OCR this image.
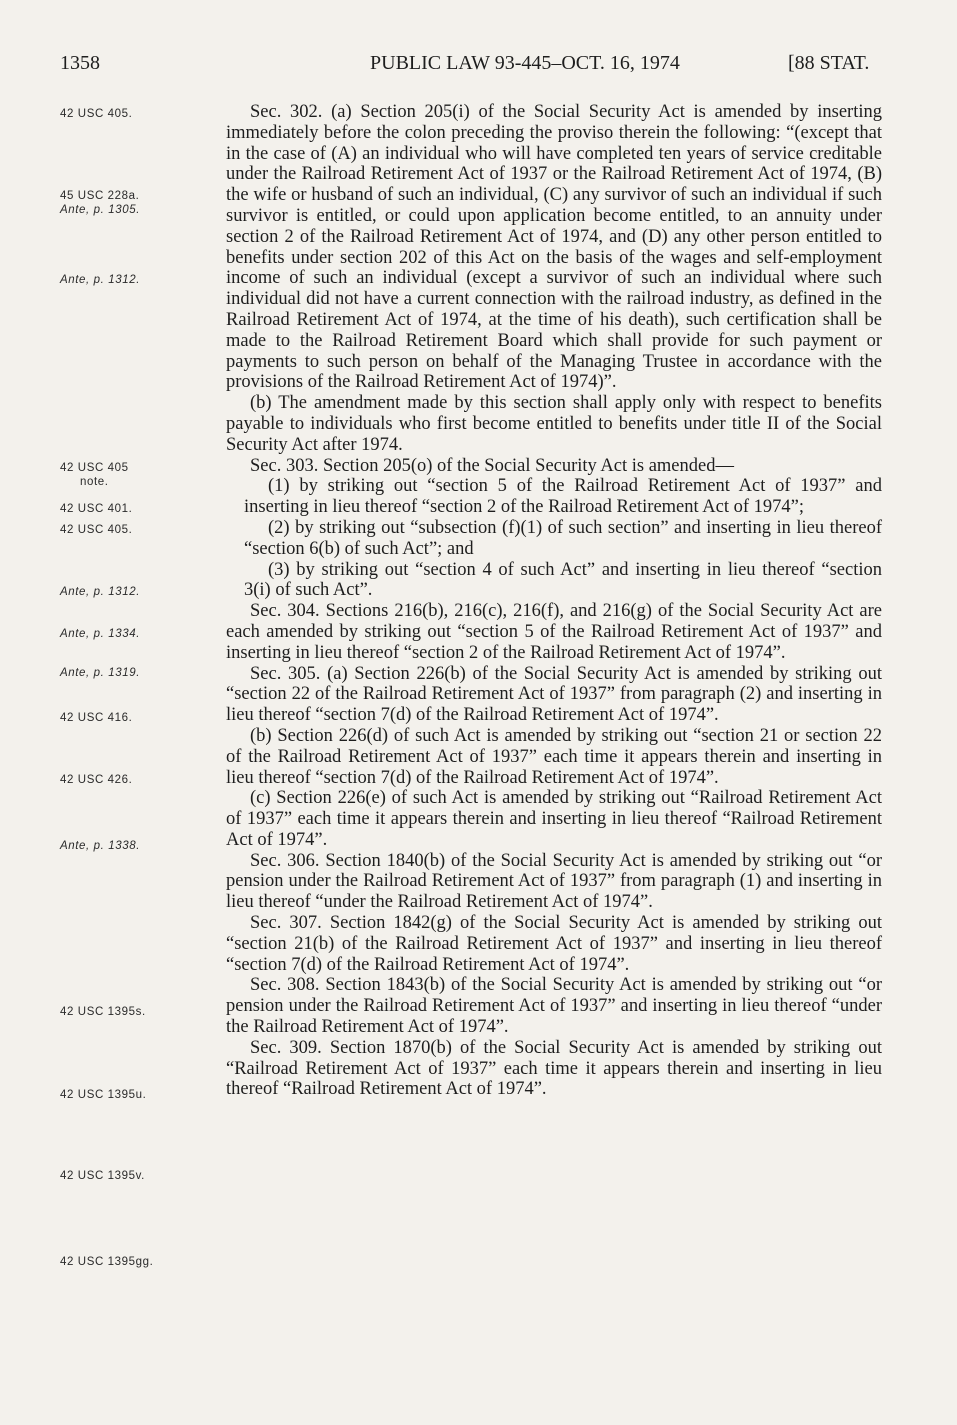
1358	PUBLIC LAW 93-445–OCT. 16, 1974	[88 STAT.
42 USC 405.
45 USC 228a.
Ante, p. 1305.
Ante, p. 1312.
42 USC 405
note.
42 USC 401.
42 USC 405.
Ante, p. 1312.
Ante, p. 1334.
Ante, p. 1319.
42 USC 416.
42 USC 426.
Ante, p. 1338.
42 USC 1395s.
42 USC 1395u.
42 USC 1395v.
42 USC 1395gg.

Sec. 302. (a) Section 205(i) of the Social Security Act is amended by inserting immediately before the colon preceding the proviso therein the following: “(except that in the case of (A) an individual who will have completed ten years of service creditable under the Railroad Retirement Act of 1937 or the Railroad Retirement Act of 1974, (B) the wife or husband of such an individual, (C) any survivor of such an individual if such survivor is entitled, or could upon application become entitled, to an annuity under section 2 of the Railroad Retirement Act of 1974, and (D) any other person entitled to benefits under section 202 of this Act on the basis of the wages and self-employment income of such an individual (except a survivor of such an individual where such individual did not have a current connection with the railroad industry, as defined in the Railroad Retirement Act of 1974, at the time of his death), such certification shall be made to the Railroad Retirement Board which shall provide for such payment or payments to such person on behalf of the Managing Trustee in accordance with the provisions of the Railroad Retirement Act of 1974)”.

(b) The amendment made by this section shall apply only with respect to benefits payable to individuals who first become entitled to benefits under title II of the Social Security Act after 1974.

Sec. 303. Section 205(o) of the Social Security Act is amended—

(1) by striking out “section 5 of the Railroad Retirement Act of 1937” and inserting in lieu thereof “section 2 of the Railroad Retirement Act of 1974”;

(2) by striking out “subsection (f)(1) of such section” and inserting in lieu thereof “section 6(b) of such Act”; and

(3) by striking out “section 4 of such Act” and inserting in lieu thereof “section 3(i) of such Act”.

Sec. 304. Sections 216(b), 216(c), 216(f), and 216(g) of the Social Security Act are each amended by striking out “section 5 of the Railroad Retirement Act of 1937” and inserting in lieu thereof “section 2 of the Railroad Retirement Act of 1974”.

Sec. 305. (a) Section 226(b) of the Social Security Act is amended by striking out “section 22 of the Railroad Retirement Act of 1937” from paragraph (2) and inserting in lieu thereof “section 7(d) of the Railroad Retirement Act of 1974”.

(b) Section 226(d) of such Act is amended by striking out “section 21 or section 22 of the Railroad Retirement Act of 1937” each time it appears therein and inserting in lieu thereof “section 7(d) of the Railroad Retirement Act of 1974”.

(c) Section 226(e) of such Act is amended by striking out “Railroad Retirement Act of 1937” each time it appears therein and inserting in lieu thereof “Railroad Retirement Act of 1974”.

Sec. 306. Section 1840(b) of the Social Security Act is amended by striking out “or pension under the Railroad Retirement Act of 1937” from paragraph (1) and inserting in lieu thereof “under the Railroad Retirement Act of 1974”.

Sec. 307. Section 1842(g) of the Social Security Act is amended by striking out “section 21(b) of the Railroad Retirement Act of 1937” and inserting in lieu thereof “section 7(d) of the Railroad Retirement Act of 1974”.

Sec. 308. Section 1843(b) of the Social Security Act is amended by striking out “or pension under the Railroad Retirement Act of 1937” and inserting in lieu thereof “under the Railroad Retirement Act of 1974”.

Sec. 309. Section 1870(b) of the Social Security Act is amended by striking out “Railroad Retirement Act of 1937” each time it appears therein and inserting in lieu thereof “Railroad Retirement Act of 1974”.
